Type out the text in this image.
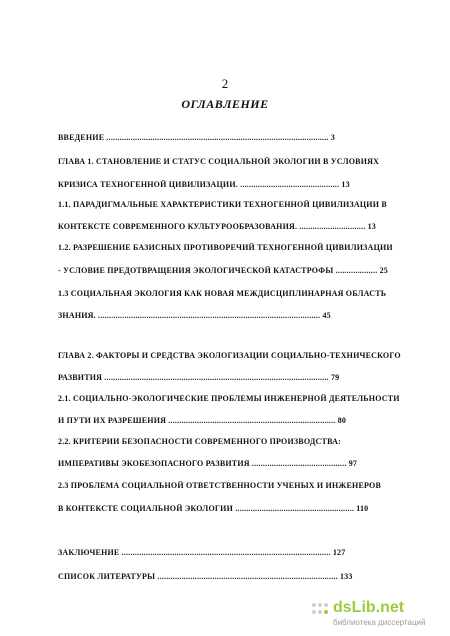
2
ОГЛАВЛЕНИЕ
ВВЕДЕНИЕ ..................................................................................................... 3
ГЛАВА 1. СТАНОВЛЕНИЕ И СТАТУС СОЦИАЛЬНОЙ ЭКОЛОГИИ В УСЛОВИЯХ
КРИЗИСА ТЕХНОГЕННОЙ ЦИВИЛИЗАЦИИ. ............................................. 13
1.1. ПАРАДИГМАЛЬНЫЕ ХАРАКТЕРИСТИКИ ТЕХНОГЕННОЙ ЦИВИЛИЗАЦИИ В
КОНТЕКСТЕ СОВРЕМЕННОГО КУЛЬТУРООБРАЗОВАНИЯ. .............................. 13
1.2. РАЗРЕШЕНИЕ БАЗИСНЫХ ПРОТИВОРЕЧИЙ ТЕХНОГЕННОЙ ЦИВИЛИЗАЦИИ
- УСЛОВИЕ ПРЕДОТВРАЩЕНИЯ ЭКОЛОГИЧЕСКОЙ КАТАСТРОФЫ ................... 25
1.3 СОЦИАЛЬНАЯ ЭКОЛОГИЯ КАК НОВАЯ МЕЖДИСЦИПЛИНАРНАЯ ОБЛАСТЬ
ЗНАНИЯ. ..................................................................................................... 45
ГЛАВА 2. ФАКТОРЫ И СРЕДСТВА ЭКОЛОГИЗАЦИИ СОЦИАЛЬНО-ТЕХНИЧЕСКОГО
РАЗВИТИЯ ...................................................................................................... 79
2.1. СОЦИАЛЬНО-ЭКОЛОГИЧЕСКИЕ ПРОБЛЕМЫ ИНЖЕНЕРНОЙ ДЕЯТЕЛЬНОСТИ
И ПУТИ ИХ РАЗРЕШЕНИЯ ............................................................................ 80
2.2. КРИТЕРИИ БЕЗОПАСНОСТИ СОВРЕМЕННОГО ПРОИЗВОДСТВА:
ИМПЕРАТИВЫ ЭКОБЕЗОПАСНОГО РАЗВИТИЯ ........................................... 97
2.3 ПРОБЛЕМА СОЦИАЛЬНОЙ ОТВЕТСТВЕННОСТИ УЧЕНЫХ И ИНЖЕНЕРОВ
В КОНТЕКСТЕ СОЦИАЛЬНОЙ ЭКОЛОГИИ ...................................................... 110
ЗАКЛЮЧЕНИЕ ............................................................................................... 127
СПИСОК ЛИТЕРАТУРЫ .................................................................................. 133
dsLib.net
библиотека диссертаций
